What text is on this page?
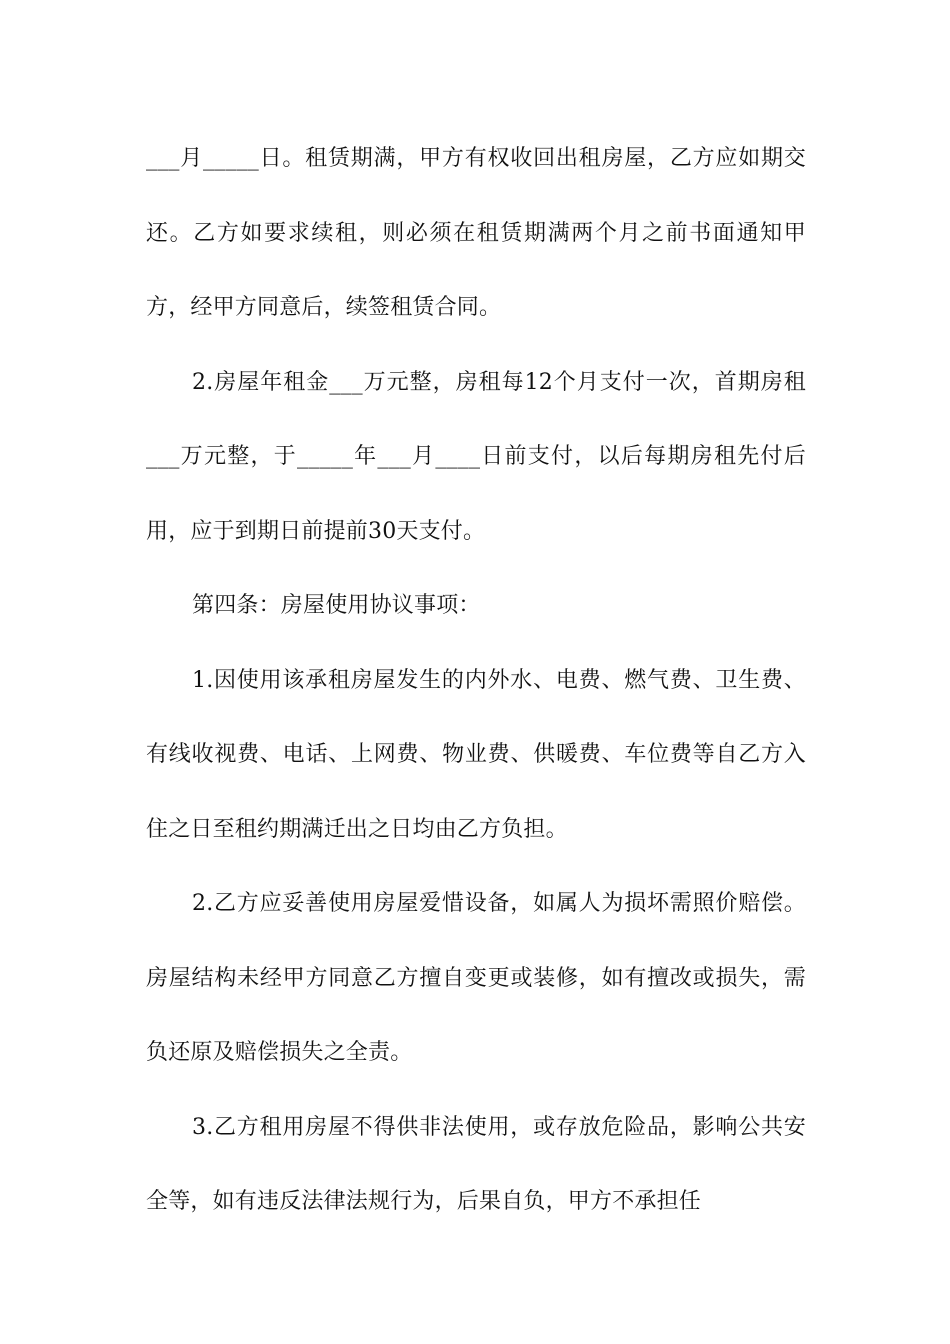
___月_____日。租赁期满，甲方有权收回出租房屋，乙方应如期交还。乙方如要求续租，则必须在租赁期满两个月之前书面通知甲方，经甲方同意后，续签租赁合同。

2.房屋年租金___万元整，房租每12个月支付一次，首期房租___万元整，于_____年___月____日前支付，以后每期房租先付后用，应于到期日前提前30天支付。

第四条：房屋使用协议事项：

1.因使用该承租房屋发生的内外水、电费、燃气费、卫生费、有线收视费、电话、上网费、物业费、供暖费、车位费等自乙方入住之日至租约期满迁出之日均由乙方负担。

2.乙方应妥善使用房屋爱惜设备，如属人为损坏需照价赔偿。房屋结构未经甲方同意乙方擅自变更或装修，如有擅改或损失，需负还原及赔偿损失之全责。

3.乙方租用房屋不得供非法使用，或存放危险品，影响公共安全等，如有违反法律法规行为，后果自负，甲方不承担任
